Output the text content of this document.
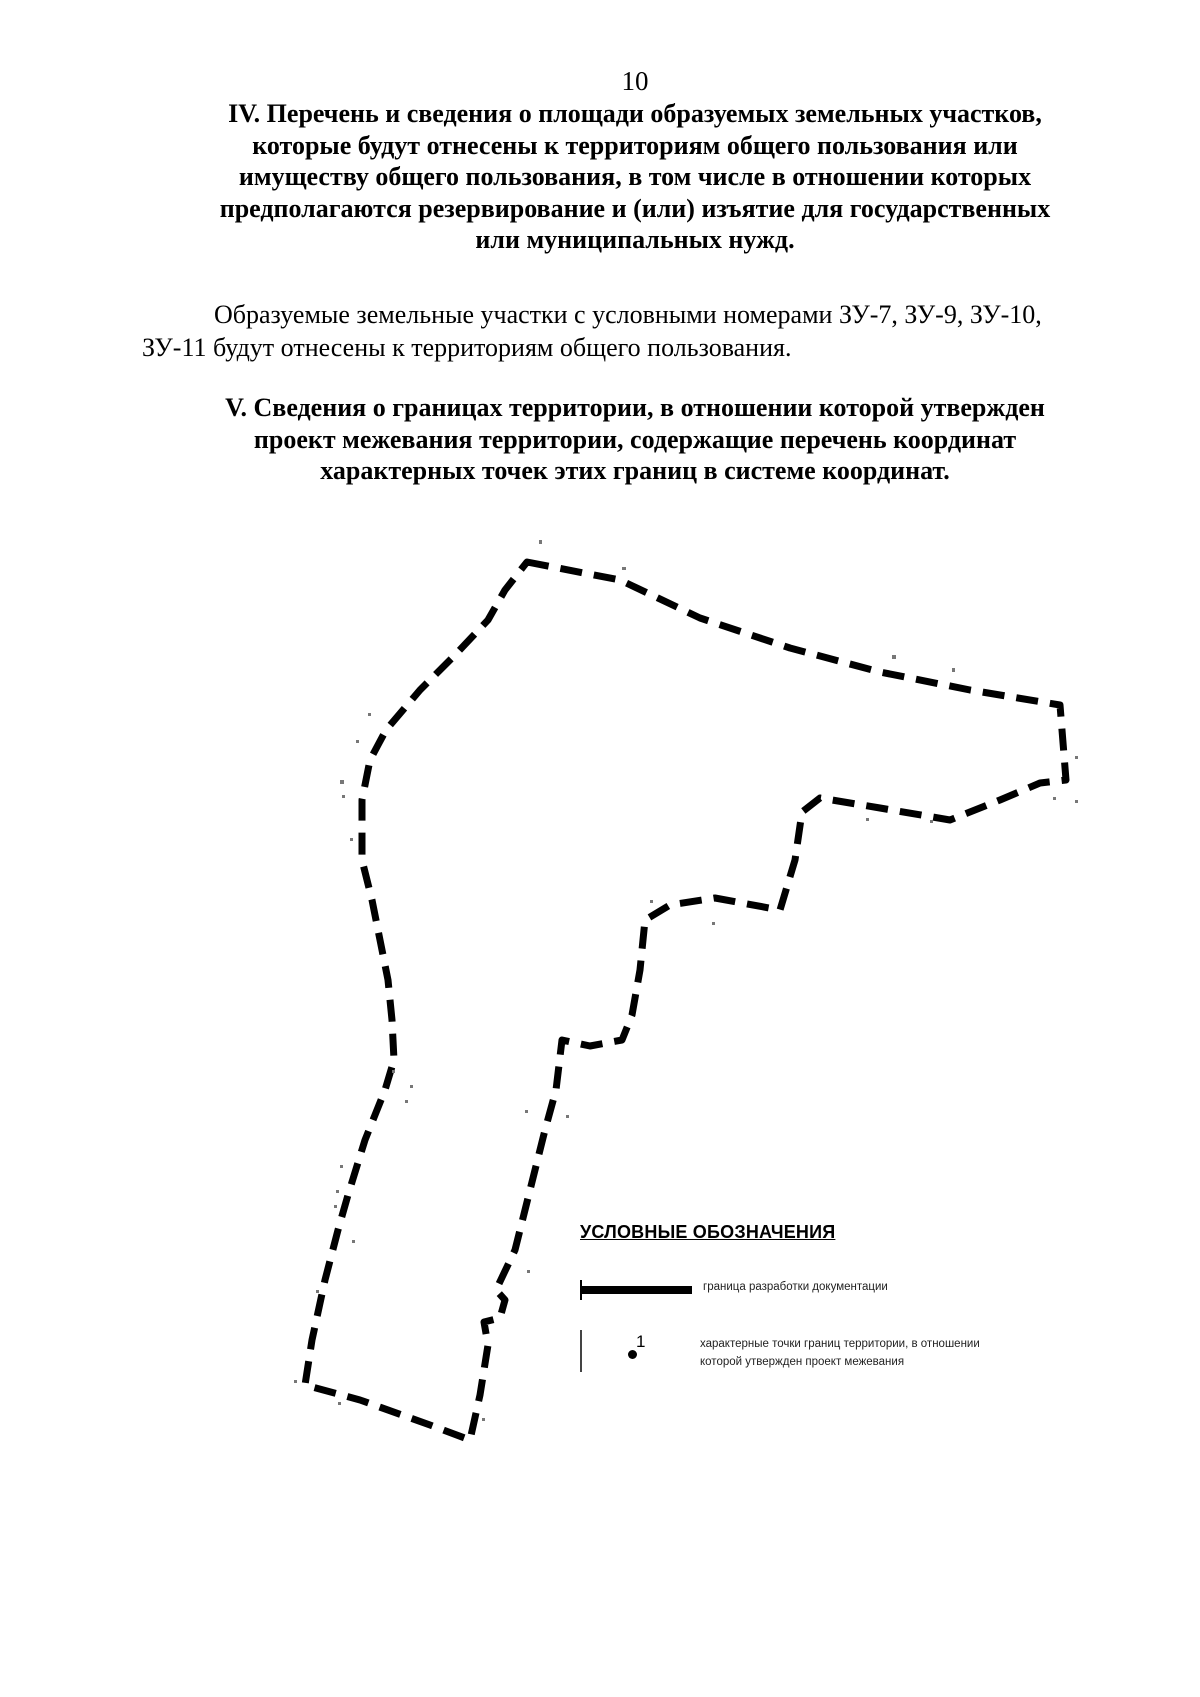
10
IV. Перечень и сведения о площади образуемых земельных участков,
которые будут отнесены к территориям общего пользования или
имуществу общего пользования, в том числе в отношении которых
предполагаются резервирование и (или) изъятие для государственных
или муниципальных нужд.
Образуемые земельные участки с условными номерами ЗУ-7, ЗУ-9, ЗУ-10,
ЗУ-11 будут отнесены к территориям общего пользования.
V. Сведения о границах территории, в отношении которой утвержден
проект межевания территории, содержащие перечень координат
характерных точек этих границ в системе координат.
УСЛОВНЫЕ ОБОЗНАЧЕНИЯ
граница разработки документации
1	характерные точки границ территории, в отношении
которой утвержден проект межевания
